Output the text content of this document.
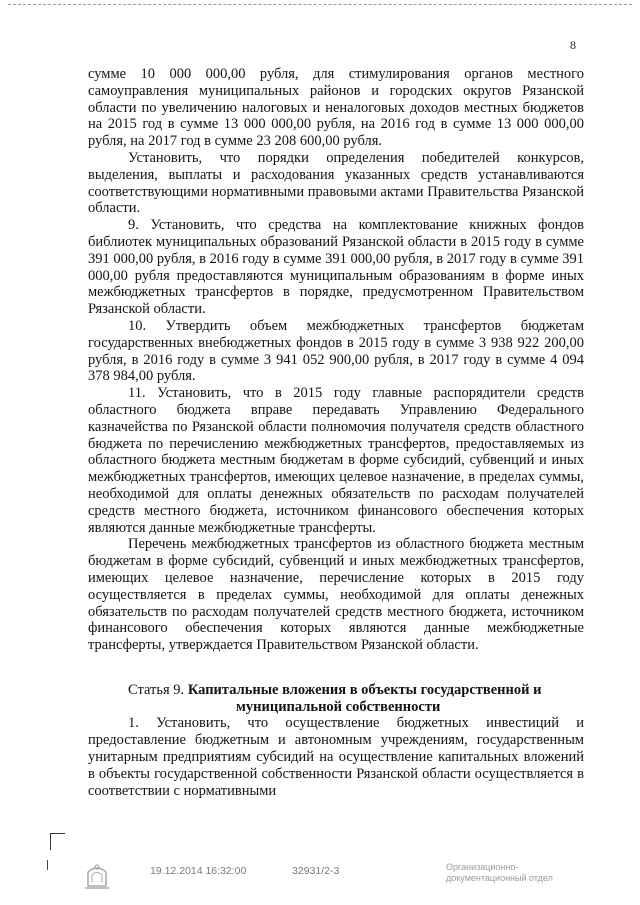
8

сумме 10 000 000,00 рубля, для стимулирования органов местного самоуправления муниципальных районов и городских округов Рязанской области по увеличению налоговых и неналоговых доходов местных бюджетов на 2015 год в сумме 13 000 000,00 рубля, на 2016 год в сумме 13 000 000,00 рубля, на 2017 год в сумме 23 208 600,00 рубля.

Установить, что порядки определения победителей конкурсов, выделения, выплаты и расходования указанных средств устанавливаются соответствующими нормативными правовыми актами Правительства Рязанской области.

9. Установить, что средства на комплектование книжных фондов библиотек муниципальных образований Рязанской области в 2015 году в сумме 391 000,00 рубля, в 2016 году в сумме 391 000,00 рубля, в 2017 году в сумме 391 000,00 рубля предоставляются муниципальным образованиям в форме иных межбюджетных трансфертов в порядке, предусмотренном Правительством Рязанской области.

10. Утвердить объем межбюджетных трансфертов бюджетам государственных внебюджетных фондов в 2015 году в сумме 3 938 922 200,00 рубля, в 2016 году в сумме 3 941 052 900,00 рубля, в 2017 году в сумме 4 094 378 984,00 рубля.

11. Установить, что в 2015 году главные распорядители средств областного бюджета вправе передавать Управлению Федерального казначейства по Рязанской области полномочия получателя средств областного бюджета по перечислению межбюджетных трансфертов, предоставляемых из областного бюджета местным бюджетам в форме субсидий, субвенций и иных межбюджетных трансфертов, имеющих целевое назначение, в пределах суммы, необходимой для оплаты денежных обязательств по расходам получателей средств местного бюджета, источником финансового обеспечения которых являются данные межбюджетные трансферты.

Перечень межбюджетных трансфертов из областного бюджета местным бюджетам в форме субсидий, субвенций и иных межбюджетных трансфертов, имеющих целевое назначение, перечисление которых в 2015 году осуществляется в пределах суммы, необходимой для оплаты денежных обязательств по расходам получателей средств местного бюджета, источником финансового обеспечения которых являются данные межбюджетные трансферты, утверждается Правительством Рязанской области.

Статья 9. Капитальные вложения в объекты государственной и
муниципальной собственности

1. Установить, что осуществление бюджетных инвестиций и предоставление бюджетным и автономным учреждениям, государственным унитарным предприятиям субсидий на осуществление капитальных вложений в объекты государственной собственности Рязанской области осуществляется в соответствии с нормативными

19.12.2014 16:32:00	32931/2-3	Организационно-
документационный отдел
